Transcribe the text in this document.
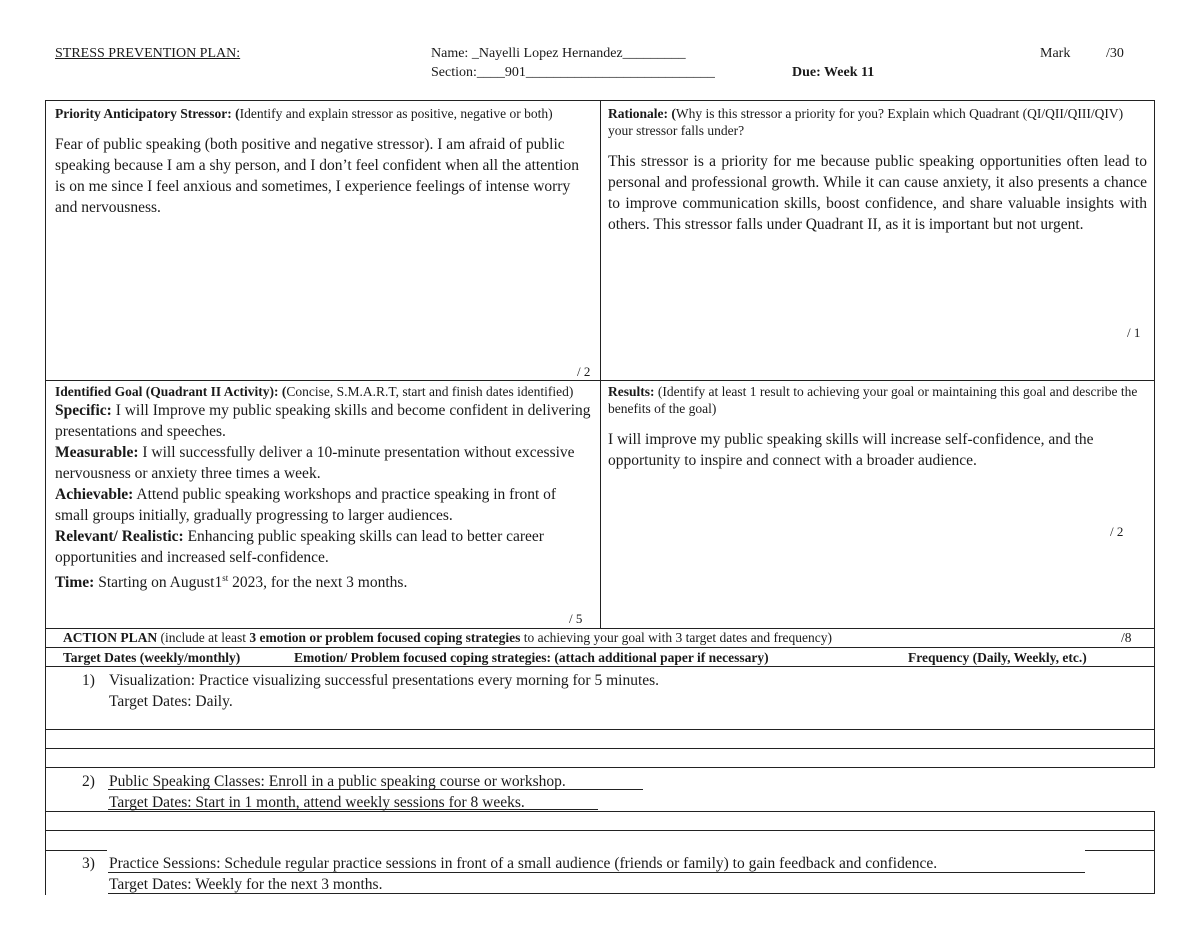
STRESS PREVENTION PLAN:	Name: _Nayelli Lopez Hernandez_________
Section:____901___________________________	Due: Week 11
Mark	/30
Priority Anticipatory Stressor: (Identify and explain stressor as positive, negative or both)
Fear of public speaking (both positive and negative stressor). I am afraid of public speaking because I am a shy person, and I don’t feel confident when all the attention is on me since I feel anxious and sometimes, I experience feelings of intense worry and nervousness.
/ 2
Rationale: (Why is this stressor a priority for you? Explain which Quadrant (QI/QII/QIII/QIV) your stressor falls under?
This stressor is a priority for me because public speaking opportunities often lead to personal and professional growth. While it can cause anxiety, it also presents a chance to improve communication skills, boost confidence, and share valuable insights with others. This stressor falls under Quadrant II, as it is important but not urgent.
/ 1
Identified Goal (Quadrant II Activity): (Concise, S.M.A.R.T, start and finish dates identified)
Specific: I will Improve my public speaking skills and become confident in delivering presentations and speeches.
Measurable: I will successfully deliver a 10-minute presentation without excessive nervousness or anxiety three times a week.
Achievable: Attend public speaking workshops and practice speaking in front of small groups initially, gradually progressing to larger audiences.
Relevant/ Realistic: Enhancing public speaking skills can lead to better career opportunities and increased self-confidence.
Time: Starting on August1st 2023, for the next 3 months.
/ 5
Results: (Identify at least 1 result to achieving your goal or maintaining this goal and describe the benefits of the goal)
I will improve my public speaking skills will increase self-confidence, and the opportunity to inspire and connect with a broader audience.
/ 2
ACTION PLAN (include at least 3 emotion or problem focused coping strategies to achieving your goal with 3 target dates and frequency)	/8
Target Dates (weekly/monthly)	Emotion/ Problem focused coping strategies: (attach additional paper if necessary)	Frequency (Daily, Weekly, etc.)
1) Visualization: Practice visualizing successful presentations every morning for 5 minutes.
Target Dates: Daily.
2) Public Speaking Classes: Enroll in a public speaking course or workshop.
Target Dates: Start in 1 month, attend weekly sessions for 8 weeks.
3) Practice Sessions: Schedule regular practice sessions in front of a small audience (friends or family) to gain feedback and confidence.
Target Dates: Weekly for the next 3 months.
